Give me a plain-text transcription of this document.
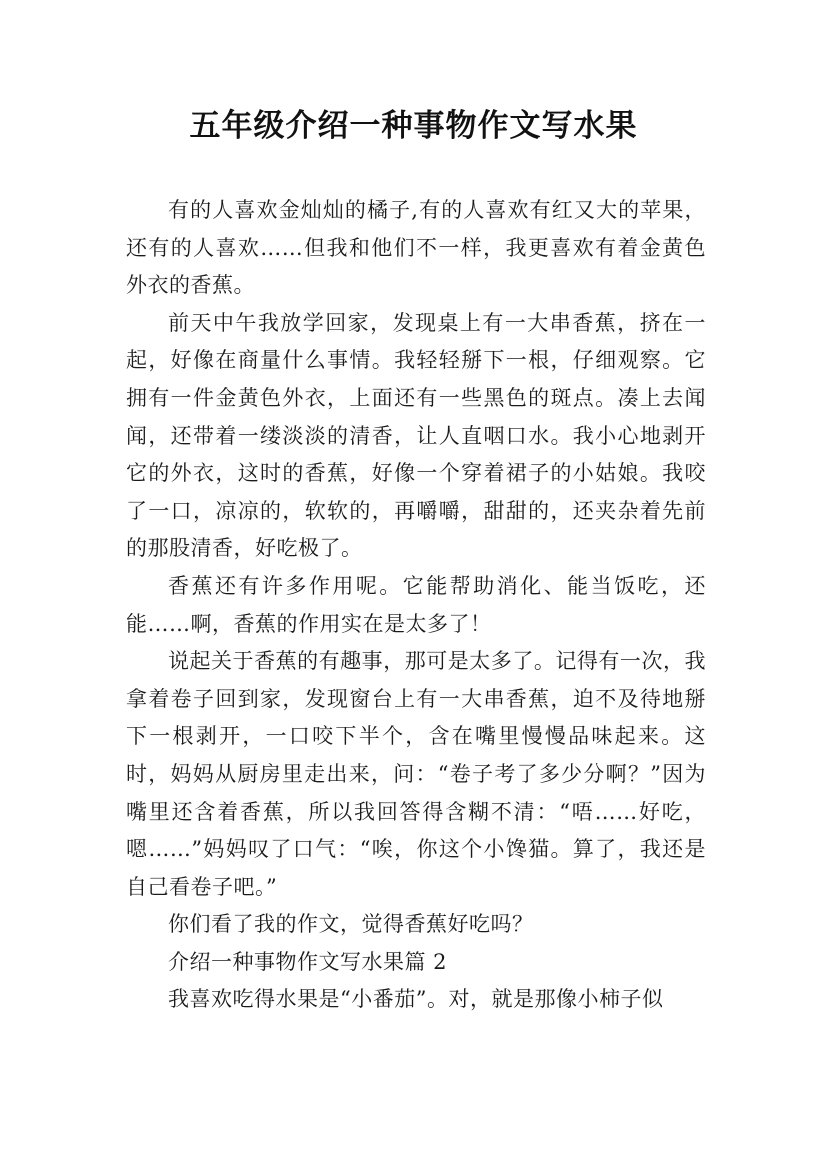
五年级介绍一种事物作文写水果

有的人喜欢金灿灿的橘子,有的人喜欢有红又大的苹果，还有的人喜欢……但我和他们不一样，我更喜欢有着金黄色外衣的香蕉。

前天中午我放学回家，发现桌上有一大串香蕉，挤在一起，好像在商量什么事情。我轻轻掰下一根，仔细观察。它拥有一件金黄色外衣，上面还有一些黑色的斑点。凑上去闻闻，还带着一缕淡淡的清香，让人直咽口水。我小心地剥开它的外衣，这时的香蕉，好像一个穿着裙子的小姑娘。我咬了一口，凉凉的，软软的，再嚼嚼，甜甜的，还夹杂着先前的那股清香，好吃极了。

香蕉还有许多作用呢。它能帮助消化、能当饭吃，还能……啊，香蕉的作用实在是太多了！

说起关于香蕉的有趣事，那可是太多了。记得有一次，我拿着卷子回到家，发现窗台上有一大串香蕉，迫不及待地掰下一根剥开，一口咬下半个，含在嘴里慢慢品味起来。这时，妈妈从厨房里走出来，问：“卷子考了多少分啊？”因为嘴里还含着香蕉，所以我回答得含糊不清：“唔……好吃，嗯……”妈妈叹了口气：“唉，你这个小馋猫。算了，我还是自己看卷子吧。”

你们看了我的作文，觉得香蕉好吃吗？

介绍一种事物作文写水果篇 2

我喜欢吃得水果是“小番茄”。对，就是那像小柿子似
